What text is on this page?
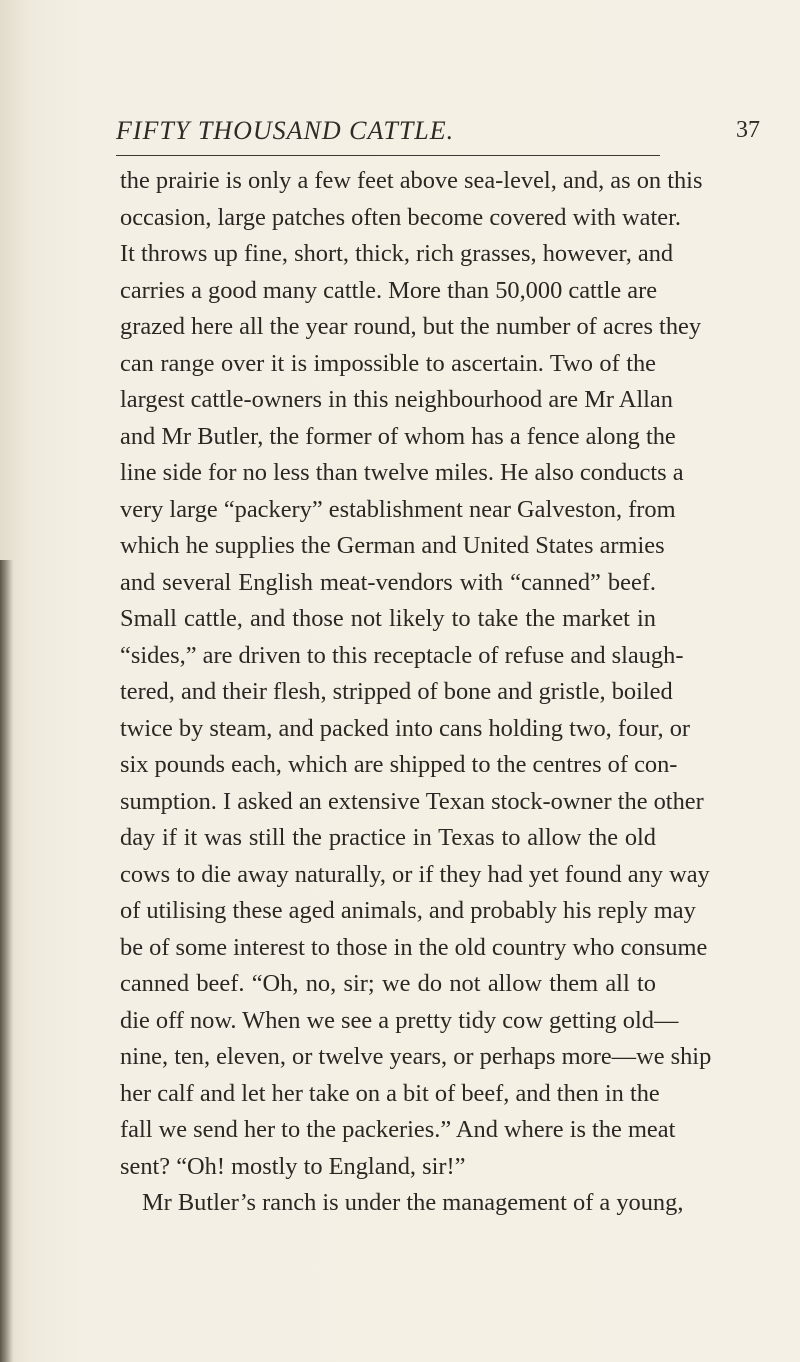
FIFTY THOUSAND CATTLE.	37
the prairie is only a few feet above sea-level, and, as on this
occasion, large patches often become covered with water.
It throws up fine, short, thick, rich grasses, however, and
carries a good many cattle. More than 50,000 cattle are
grazed here all the year round, but the number of acres they
can range over it is impossible to ascertain. Two of the
largest cattle-owners in this neighbourhood are Mr Allan
and Mr Butler, the former of whom has a fence along the
line side for no less than twelve miles. He also conducts a
very large “packery” establishment near Galveston, from
which he supplies the German and United States armies
and several English meat-vendors with “canned” beef.
Small cattle, and those not likely to take the market in
“sides,” are driven to this receptacle of refuse and slaugh-
tered, and their flesh, stripped of bone and gristle, boiled
twice by steam, and packed into cans holding two, four, or
six pounds each, which are shipped to the centres of con-
sumption. I asked an extensive Texan stock-owner the other
day if it was still the practice in Texas to allow the old
cows to die away naturally, or if they had yet found any way
of utilising these aged animals, and probably his reply may
be of some interest to those in the old country who consume
canned beef. “Oh, no, sir; we do not allow them all to
die off now. When we see a pretty tidy cow getting old—
nine, ten, eleven, or twelve years, or perhaps more—we ship
her calf and let her take on a bit of beef, and then in the
fall we send her to the packeries.” And where is the meat
sent? “Oh! mostly to England, sir!”
Mr Butler’s ranch is under the management of a young,
